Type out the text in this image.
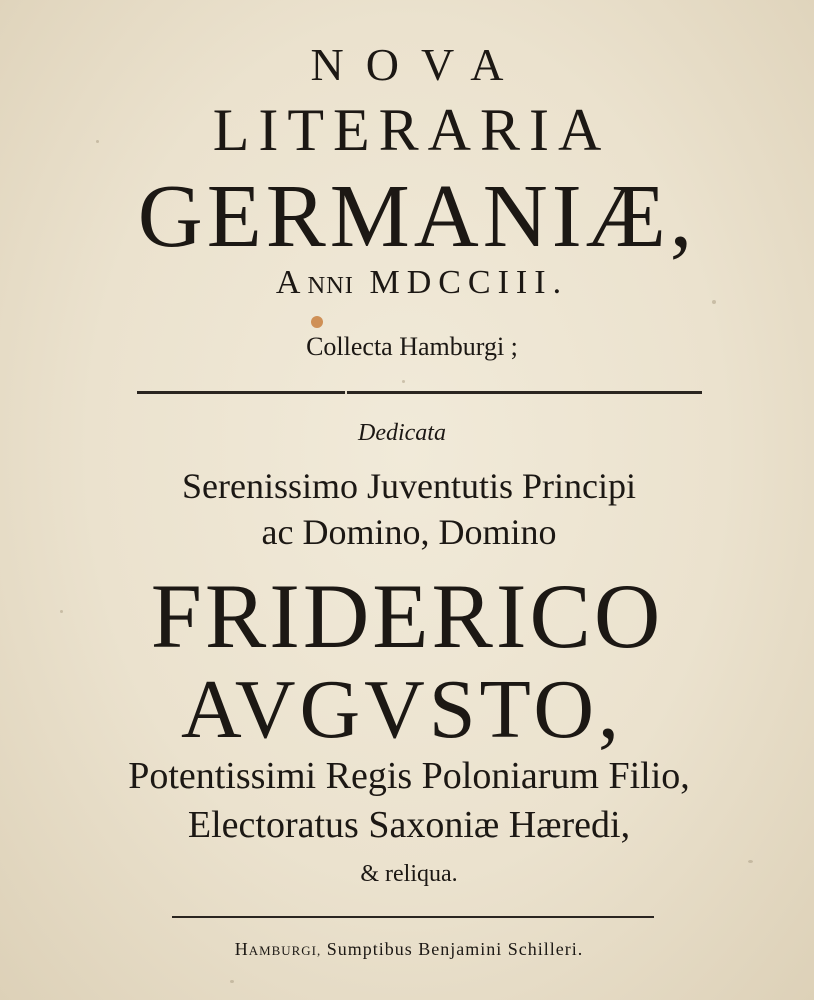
NOVA
LITERARIA
GERMANIÆ,
ANNI MDCCIII.
Collecta Hamburgi ;
Dedicata
Serenissimo Juventutis Principi
ac Domino, Domino
FRIDERICO
AVGVSTO,
Potentissimi Regis Poloniarum Filio,
Electoratus Saxoniæ Hæredi,
& reliqua.
HAMBURGI, Sumptibus Benjamini Schilleri.
